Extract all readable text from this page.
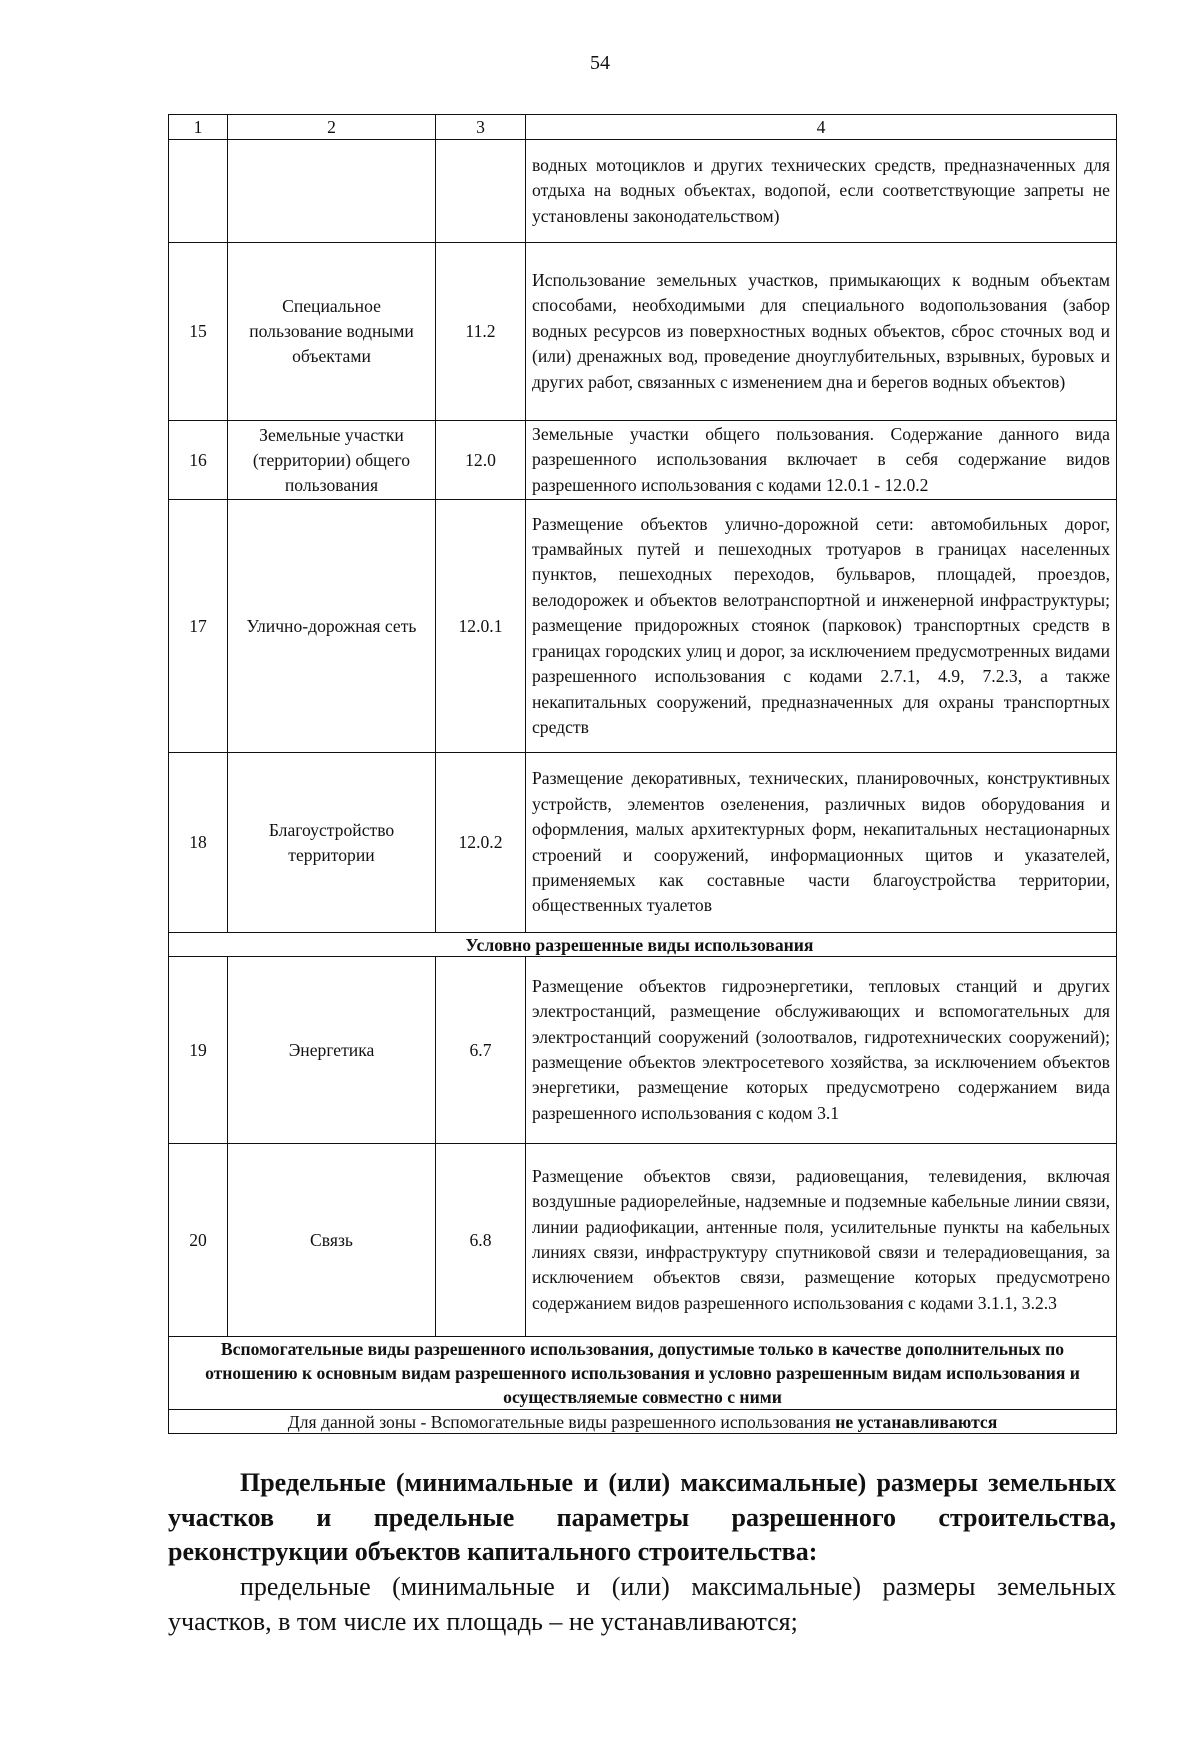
54
1	2	3	4
			водных мотоциклов и других технических средств, предназначенных для отдыха на водных объектах, водопой, если соответствующие запреты не установлены законодательством)
15	Специальное пользование водными объектами	11.2	Использование земельных участков, примыкающих к водным объектам способами, необходимыми для специального водопользования (забор водных ресурсов из поверхностных водных объектов, сброс сточных вод и (или) дренажных вод, проведение дноуглубительных, взрывных, буровых и других работ, связанных с изменением дна и берегов водных объектов)
16	Земельные участки (территории) общего пользования	12.0	Земельные участки общего пользования. Содержание данного вида разрешенного использования включает в себя содержание видов разрешенного использования с кодами 12.0.1 - 12.0.2
17	Улично-дорожная сеть	12.0.1	Размещение объектов улично-дорожной сети: автомобильных дорог, трамвайных путей и пешеходных тротуаров в границах населенных пунктов, пешеходных переходов, бульваров, площадей, проездов, велодорожек и объектов велотранспортной и инженерной инфраструктуры; размещение придорожных стоянок (парковок) транспортных средств в границах городских улиц и дорог, за исключением предусмотренных видами разрешенного использования с кодами 2.7.1, 4.9, 7.2.3, а также некапитальных сооружений, предназначенных для охраны транспортных средств
18	Благоустройство территории	12.0.2	Размещение декоративных, технических, планировочных, конструктивных устройств, элементов озеленения, различных видов оборудования и оформления, малых архитектурных форм, некапитальных нестационарных строений и сооружений, информационных щитов и указателей, применяемых как составные части благоустройства территории, общественных туалетов
Условно разрешенные виды использования			
19	Энергетика	6.7	Размещение объектов гидроэнергетики, тепловых станций и других электростанций, размещение обслуживающих и вспомогательных для электростанций сооружений (золоотвалов, гидротехнических сооружений); размещение объектов электросетевого хозяйства, за исключением объектов энергетики, размещение которых предусмотрено содержанием вида разрешенного использования с кодом 3.1
20	Связь	6.8	Размещение объектов связи, радиовещания, телевидения, включая воздушные радиорелейные, надземные и подземные кабельные линии связи, линии радиофикации, антенные поля, усилительные пункты на кабельных линиях связи, инфраструктуру спутниковой связи и телерадиовещания, за исключением объектов связи, размещение которых предусмотрено содержанием видов разрешенного использования с кодами 3.1.1, 3.2.3
Вспомогательные виды разрешенного использования, допустимые только в качестве дополнительных по отношению к основным видам разрешенного использования и условно разрешенным видам использования и осуществляемые совместно с ними			
Для данной зоны - Вспомогательные виды разрешенного использования не устанавливаются			
Предельные (минимальные и (или) максимальные) размеры земельных участков и предельные параметры разрешенного строительства, реконструкции объектов капитального строительства:
предельные (минимальные и (или) максимальные) размеры земельных участков, в том числе их площадь – не устанавливаются;
